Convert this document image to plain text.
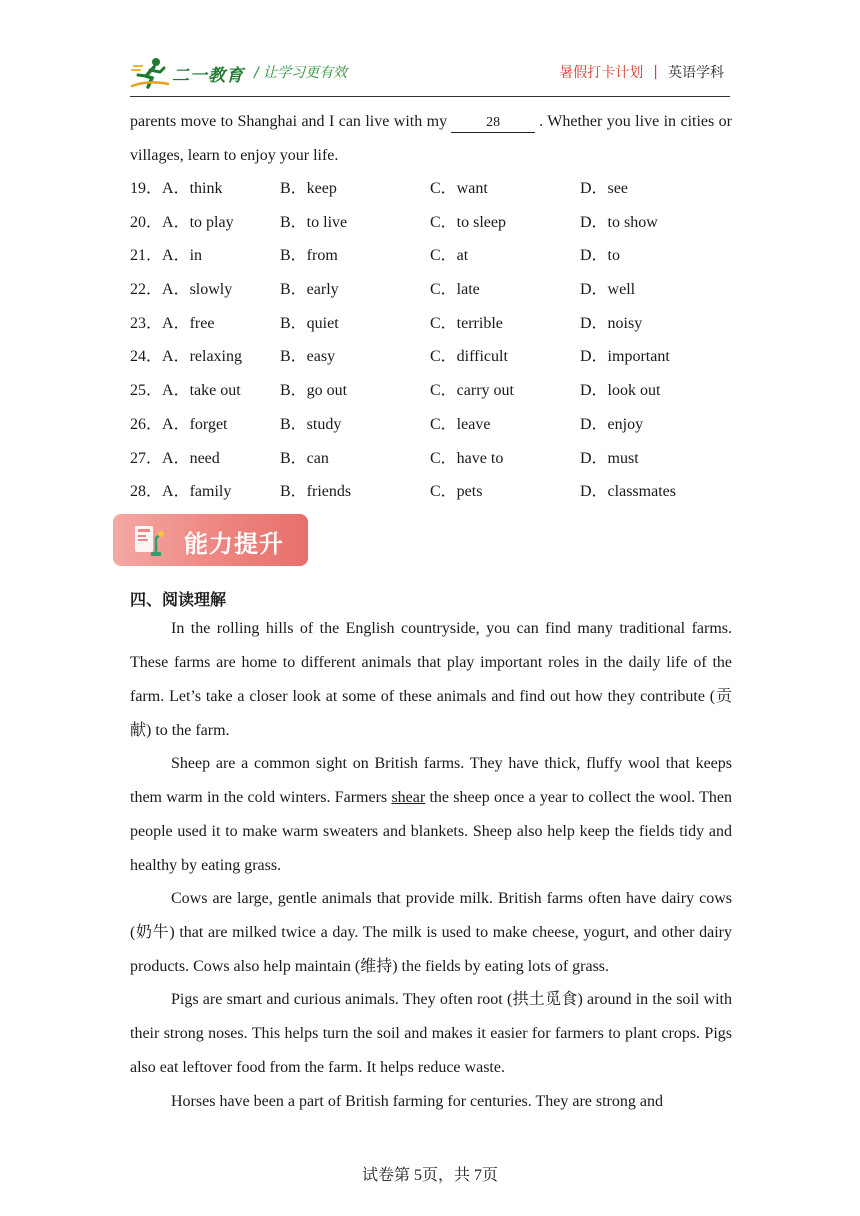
二一教育 / 让学习更有效	暑假打卡计划 | 英语学科
parents move to Shanghai and I can live with my	28 . Whether you live in cities or villages, learn to enjoy your life.
19．A．think	B．keep	C．want	D．see
20．A．to play	B．to live	C．to sleep	D．to show
21．A．in	B．from	C．at	D．to
22．A．slowly	B．early	C．late	D．well
23．A．free	B．quiet	C．terrible	D．noisy
24．A．relaxing B．easy	C．difficult	D．important
25．A．take out B．go out	C．carry out	D．look out
26．A．forget	B．study	C．leave	D．enjoy
27．A．need	B．can	C．have to	D．must
28．A．family	B．friends	C．pets	D．classmates
能力提升
四、阅读理解
In the rolling hills of the English countryside, you can find many traditional farms. These farms are home to different animals that play important roles in the daily life of the farm. Let’s take a closer look at some of these animals and find out how they contribute (贡献) to the farm.
Sheep are a common sight on British farms. They have thick, fluffy wool that keeps them warm in the cold winters. Farmers shear the sheep once a year to collect the wool. Then people used it to make warm sweaters and blankets. Sheep also help keep the fields tidy and healthy by eating grass.
Cows are large, gentle animals that provide milk. British farms often have dairy cows (奶牛) that are milked twice a day. The milk is used to make cheese, yogurt, and other dairy products. Cows also help maintain (维持) the fields by eating lots of grass.
Pigs are smart and curious animals. They often root (拱土觅食) around in the soil with their strong noses. This helps turn the soil and makes it easier for farmers to plant crops. Pigs also eat leftover food from the farm. It helps reduce waste.
Horses have been a part of British farming for centuries. They are strong and
试卷第 5页，共 7页
